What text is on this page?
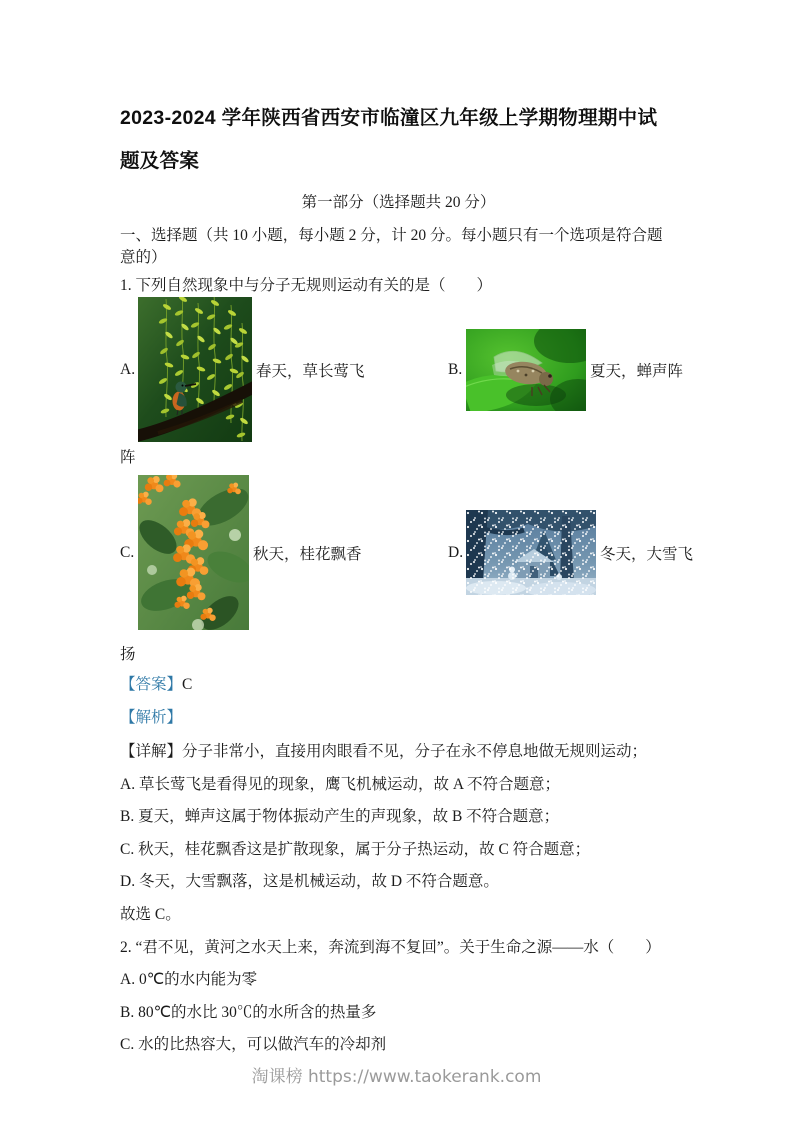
2023-2024 学年陕西省西安市临潼区九年级上学期物理期中试题及答案
第一部分（选择题共 20 分）
一、选择题（共 10 小题，每小题 2 分，计 20 分。每小题只有一个选项是符合题意的）
1. 下列自然现象中与分子无规则运动有关的是（　　）
A.	春天，草长莺飞	B.	夏天，蝉声阵
阵
C.	秋天，桂花飘香	D.	冬天，大雪飞
扬
【答案】C
【解析】

【详解】分子非常小，直接用肉眼看不见，分子在永不停息地做无规则运动；

A. 草长莺飞是看得见的现象，鹰飞机械运动，故 A 不符合题意；

B. 夏天，蝉声这属于物体振动产生的声现象，故 B 不符合题意；

C. 秋天，桂花飘香这是扩散现象，属于分子热运动，故 C 符合题意；

D. 冬天，大雪飘落，这是机械运动，故 D 不符合题意。

故选 C。

2. “君不见，黄河之水天上来，奔流到海不复回”。关于生命之源——水（　　）

A. 0℃的水内能为零

B. 80℃的水比 30℃的水所含的热量多

C. 水的比热容大，可以做汽车的冷却剂

淘课榜 https://www.taokerank.com
